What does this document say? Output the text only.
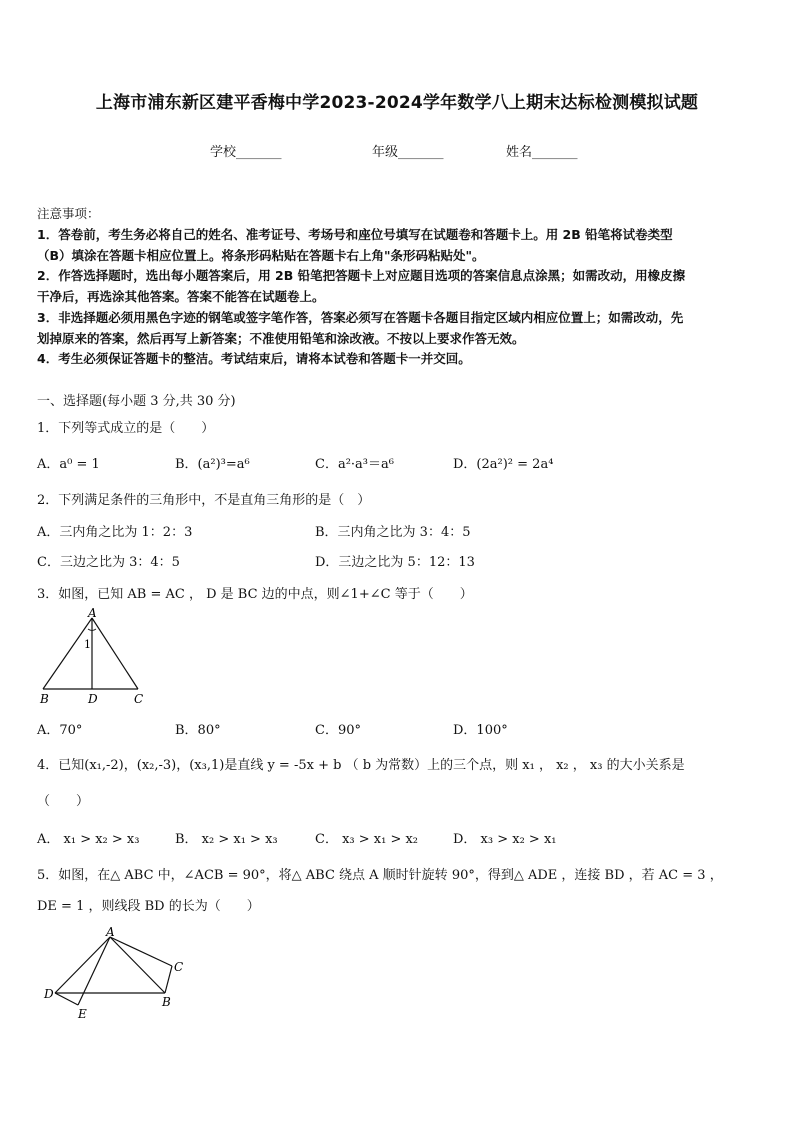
上海市浦东新区建平香梅中学2023-2024学年数学八上期末达标检测模拟试题
学校_______	年级_______	姓名_______
注意事项：
1．答卷前，考生务必将自己的姓名、准考证号、考场号和座位号填写在试题卷和答题卡上。用 2B 铅笔将试卷类型
（B）填涂在答题卡相应位置上。将条形码粘贴在答题卡右上角"条形码粘贴处"。
2．作答选择题时，选出每小题答案后，用 2B 铅笔把答题卡上对应题目选项的答案信息点涂黑；如需改动，用橡皮擦
干净后，再选涂其他答案。答案不能答在试题卷上。
3．非选择题必须用黑色字迹的钢笔或签字笔作答，答案必须写在答题卡各题目指定区域内相应位置上；如需改动，先
划掉原来的答案，然后再写上新答案；不准使用铅笔和涂改液。不按以上要求作答无效。
4．考生必须保证答题卡的整洁。考试结束后，请将本试卷和答题卡一并交回。
一、选择题(每小题 3 分,共 30 分)
1．下列等式成立的是（　　）
A．a⁰ = 1	B．(a²)³=a⁶	C．a²·a³＝a⁶	D．(2a²)² = 2a⁴
2．下列满足条件的三角形中，不是直角三角形的是（　）
A．三内角之比为 1：2：3	B．三内角之比为 3：4：5
C．三边之比为 3：4：5	D．三边之比为 5：12：13
3．如图，已知 AB = AC ， D 是 BC 边的中点，则∠1+∠C 等于（　　）
A
B	D	C
1
A．70°	B．80°	C．90°	D．100°
4．已知(x₁,-2)，(x₂,-3)，(x₃,1)是直线 y = -5x + b （ b 为常数）上的三个点，则 x₁ ， x₂ ， x₃ 的大小关系是
（　　）
A． x₁ > x₂ > x₃	B． x₂ > x₁ > x₃	C． x₃ > x₁ > x₂	D． x₃ > x₂ > x₁
5．如图，在△ ABC 中，∠ACB = 90°，将△ ABC 绕点 A 顺时针旋转 90°，得到△ ADE ，连接 BD ，若 AC = 3 ，
DE = 1 ，则线段 BD 的长为（　　）
A
C
B
D
E
